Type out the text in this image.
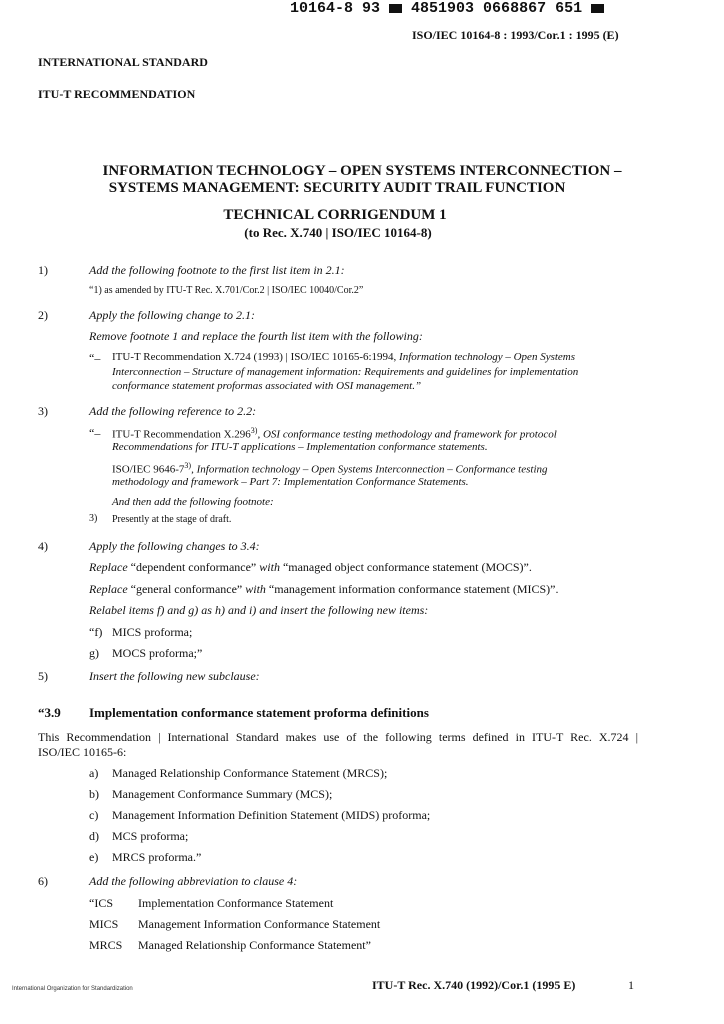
10164-8 93 4851903 0668867 651
ISO/IEC 10164-8 : 1993/Cor.1 : 1995 (E)
INTERNATIONAL STANDARD
ITU-T RECOMMENDATION
INFORMATION TECHNOLOGY – OPEN SYSTEMS INTERCONNECTION –
SYSTEMS MANAGEMENT: SECURITY AUDIT TRAIL FUNCTION
TECHNICAL CORRIGENDUM 1
(to Rec. X.740 | ISO/IEC 10164-8)
1)	Add the following footnote to the first list item in 2.1:
“1) as amended by ITU-T Rec. X.701/Cor.2 | ISO/IEC 10040/Cor.2”
2)	Apply the following change to 2.1:
Remove footnote 1 and replace the fourth list item with the following:
“– ITU-T Recommendation X.724 (1993) | ISO/IEC 10165-6:1994, Information technology – Open Systems
Interconnection – Structure of management information: Requirements and guidelines for implementation
conformance statement proformas associated with OSI management.”
3)	Add the following reference to 2.2:
“– ITU-T Recommendation X.296$^{3)}$, OSI conformance testing methodology and framework for protocol
Recommendations for ITU-T applications – Implementation conformance statements.
ISO/IEC 9646-7$^{3)}$, Information technology – Open Systems Interconnection – Conformance testing
methodology and framework – Part 7: Implementation Conformance Statements.
And then add the following footnote:
3) Presently at the stage of draft.
4)	Apply the following changes to 3.4:
Replace “dependent conformance” with “managed object conformance statement (MOCS)”.
Replace “general conformance” with “management information conformance statement (MICS)”.
Relabel items f) and g) as h) and i) and insert the following new items:
“f) MICS proforma;
g) MOCS proforma;”
5)	Insert the following new subclause:
“3.9 Implementation conformance statement proforma definitions
This Recommendation | International Standard makes use of the following terms defined in ITU-T Rec. X.724 |
ISO/IEC 10165-6:
a) Managed Relationship Conformance Statement (MRCS);
b) Management Conformance Summary (MCS);
c) Management Information Definition Statement (MIDS) proforma;
d) MCS proforma;
e) MRCS proforma.”
6)	Add the following abbreviation to clause 4:
“ICS Implementation Conformance Statement
MICS Management Information Conformance Statement
MRCS Managed Relationship Conformance Statement”
International Organization for Standardization	ITU-T Rec. X.740 (1992)/Cor.1 (1995 E)	1
